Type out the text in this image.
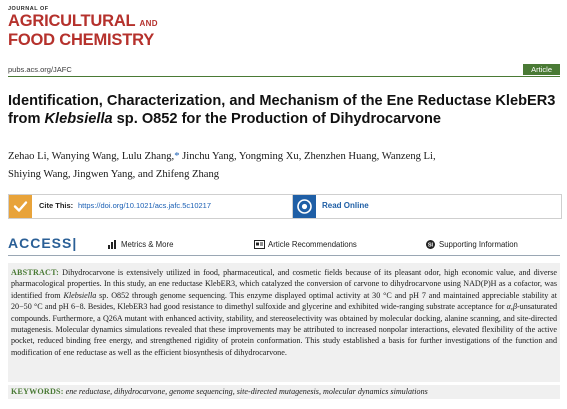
JOURNAL OF
AGRICULTURAL AND
FOOD CHEMISTRY
pubs.acs.org/JAFC	Article
Identification, Characterization, and Mechanism of the Ene Reductase KlebER3 from Klebsiella sp. O852 for the Production of Dihydrocarvone
Zehao Li, Wanying Wang, Lulu Zhang,* Jinchu Yang, Yongming Xu, Zhenzhen Huang, Wanzeng Li,
Shiying Wang, Jingwen Yang, and Zhifeng Zhang
Cite This: https://doi.org/10.1021/acs.jafc.5c10217	Read Online
ACCESS|	Metrics & More	Article Recommendations	SI Supporting Information
ABSTRACT: Dihydrocarvone is extensively utilized in food, pharmaceutical, and cosmetic fields because of its pleasant odor, high economic value, and diverse pharmacological properties. In this study, an ene reductase KlebER3, which catalyzed the conversion of carvone to dihydrocarvone using NAD(P)H as a cofactor, was identified from Klebsiella sp. O852 through genome sequencing. This enzyme displayed optimal activity at 30 °C and pH 7 and maintained appreciable stability at 20−50 °C and pH 6−8. Besides, KlebER3 had good resistance to dimethyl sulfoxide and glycerine and exhibited wide-ranging substrate acceptance for α,β-unsaturated compounds. Furthermore, a Q26A mutant with enhanced activity, stability, and stereoselectivity was obtained by molecular docking, alanine scanning, and site-directed mutagenesis. Molecular dynamics simulations revealed that these improvements may be attributed to increased nonpolar interactions, elevated flexibility of the active pocket, reduced binding free energy, and strengthened rigidity of protein conformation. This study established a basis for further investigations of the function and modification of ene reductase as well as the efficient biosynthesis of dihydrocarvone.
KEYWORDS: ene reductase, dihydrocarvone, genome sequencing, site-directed mutagenesis, molecular dynamics simulations
